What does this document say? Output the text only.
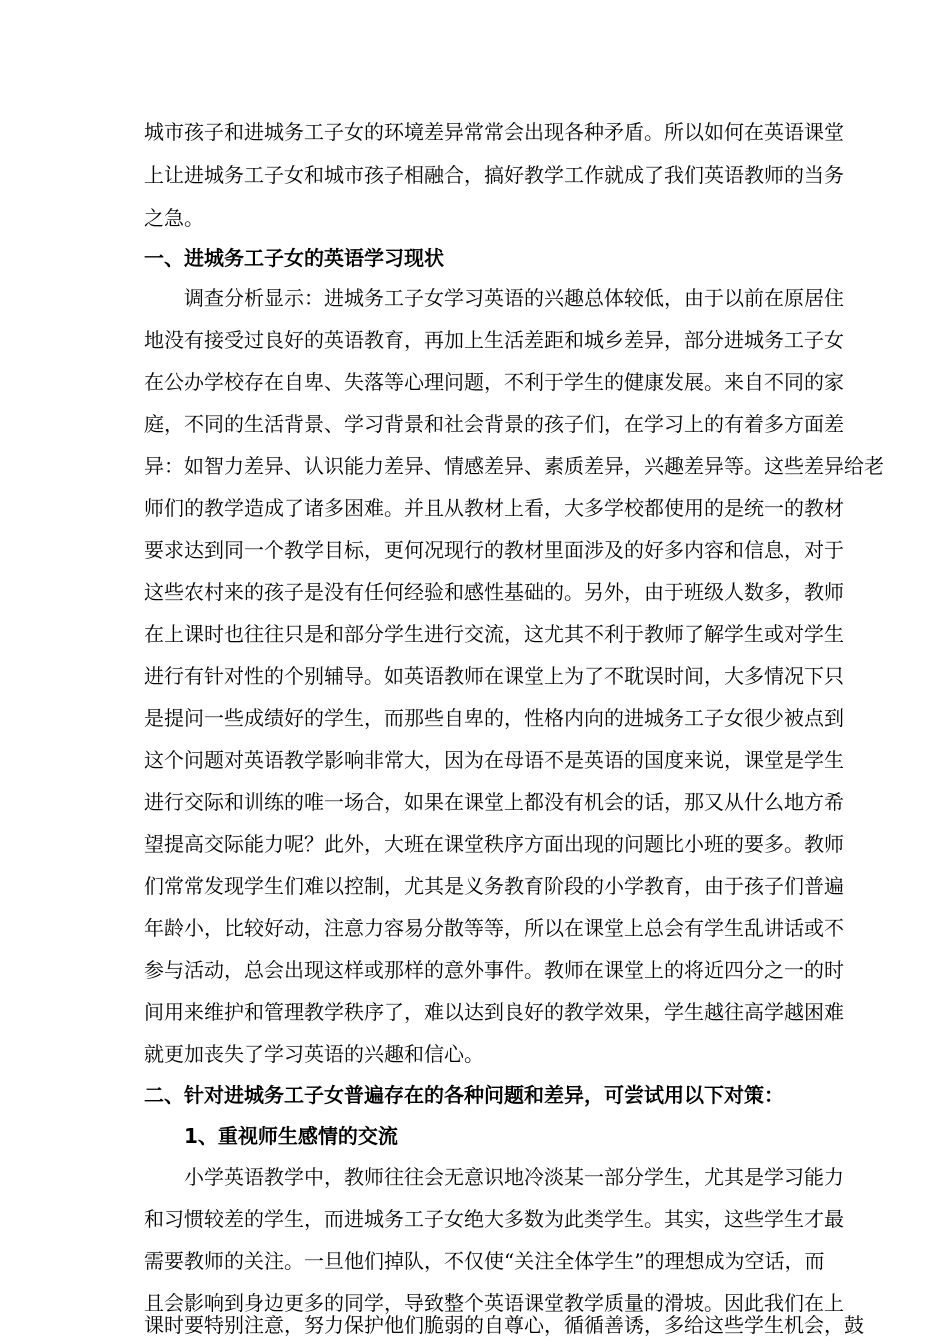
城市孩子和进城务工子女的环境差异常常会出现各种矛盾。所以如何在英语课堂
上让进城务工子女和城市孩子相融合，搞好教学工作就成了我们英语教师的当务
之急。
一、进城务工子女的英语学习现状
调查分析显示：进城务工子女学习英语的兴趣总体较低，由于以前在原居住
地没有接受过良好的英语教育，再加上生活差距和城乡差异，部分进城务工子女
在公办学校存在自卑、失落等心理问题，不利于学生的健康发展。来自不同的家
庭，不同的生活背景、学习背景和社会背景的孩子们，在学习上的有着多方面差
异：如智力差异、认识能力差异、情感差异、素质差异，兴趣差异等。这些差异给老
师们的教学造成了诸多困难。并且从教材上看，大多学校都使用的是统一的教材
要求达到同一个教学目标，更何况现行的教材里面涉及的好多内容和信息，对于
这些农村来的孩子是没有任何经验和感性基础的。另外，由于班级人数多，教师
在上课时也往往只是和部分学生进行交流，这尤其不利于教师了解学生或对学生
进行有针对性的个别辅导。如英语教师在课堂上为了不耽误时间，大多情况下只
是提问一些成绩好的学生，而那些自卑的，性格内向的进城务工子女很少被点到
这个问题对英语教学影响非常大，因为在母语不是英语的国度来说，课堂是学生
进行交际和训练的唯一场合，如果在课堂上都没有机会的话，那又从什么地方希
望提高交际能力呢？此外，大班在课堂秩序方面出现的问题比小班的要多。教师
们常常发现学生们难以控制，尤其是义务教育阶段的小学教育，由于孩子们普遍
年龄小，比较好动，注意力容易分散等等，所以在课堂上总会有学生乱讲话或不
参与活动，总会出现这样或那样的意外事件。教师在课堂上的将近四分之一的时
间用来维护和管理教学秩序了，难以达到良好的教学效果，学生越往高学越困难
就更加丧失了学习英语的兴趣和信心。
二、针对进城务工子女普遍存在的各种问题和差异，可尝试用以下对策：
1、重视师生感情的交流
小学英语教学中，教师往往会无意识地冷淡某一部分学生，尤其是学习能力
和习惯较差的学生，而进城务工子女绝大多数为此类学生。其实，这些学生才最
需要教师的关注。一旦他们掉队，不仅使“关注全体学生”的理想成为空话，而
且会影响到身边更多的同学，导致整个英语课堂教学质量的滑坡。因此我们在上
课时要特别注意，努力保护他们脆弱的自尊心，循循善诱，多给这些学生机会，鼓
